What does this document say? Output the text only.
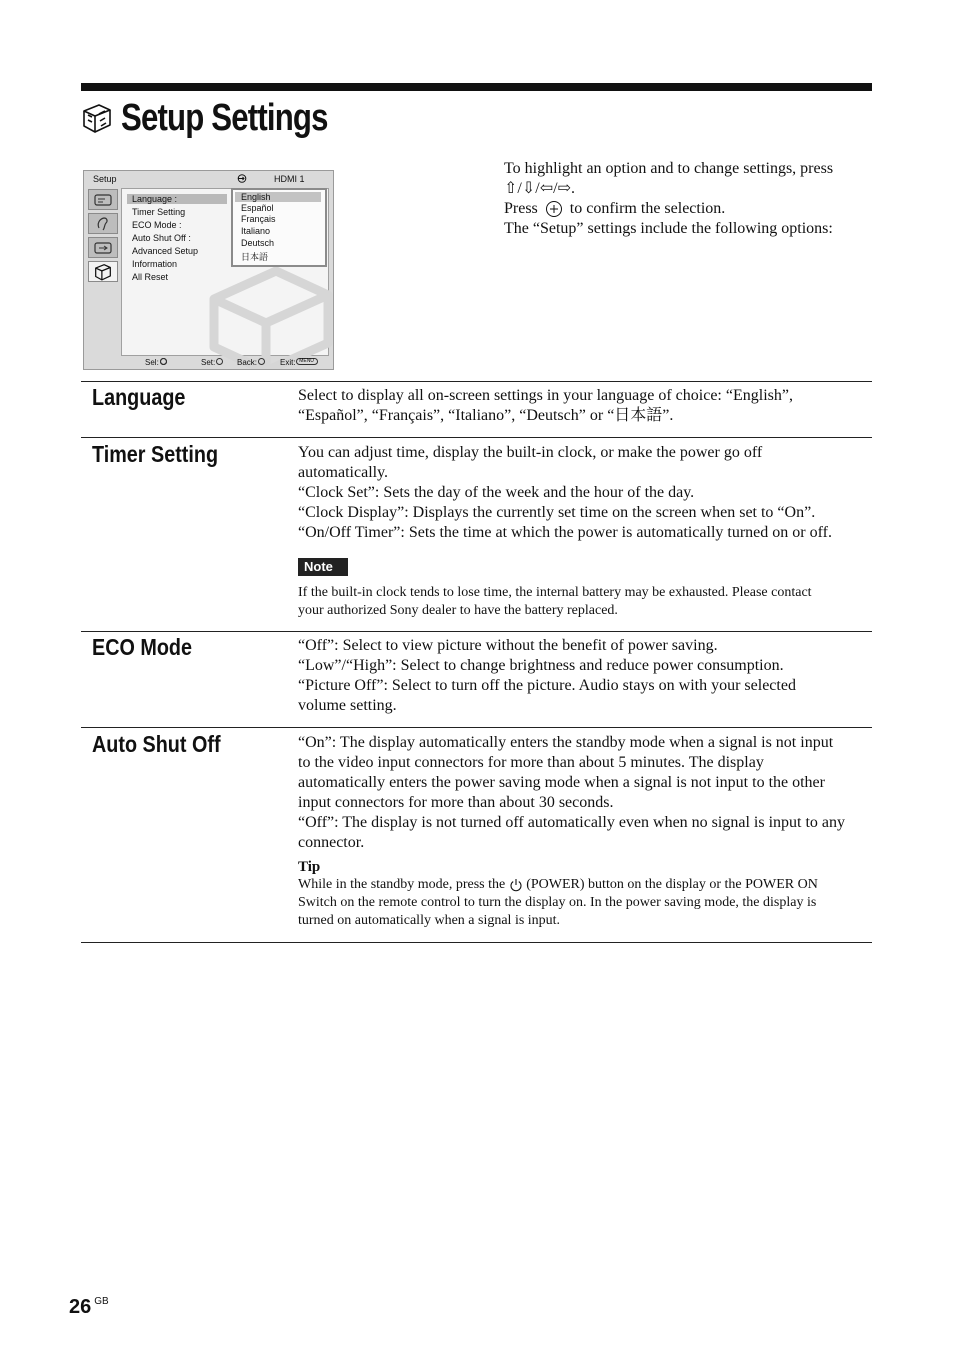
Setup Settings
Setup	HDMI 1
Language :
Timer Setting
ECO Mode :
Auto Shut Off :
Advanced Setup
Information
All Reset
English
Español
Français
Italiano
Deutsch
日本語
Sel:	Set:	Back:	Exit: MENU
To highlight an option and to change settings, press
⇧/⇩/⇦/⇨.
Press to confirm the selection.
The “Setup” settings include the following options:
Language	Select to display all on-screen settings in your language of choice: “English”,
“Español”, “Français”, “Italiano”, “Deutsch” or “日本語”.
Timer Setting	You can adjust time, display the built-in clock, or make the power go off
automatically.
“Clock Set”: Sets the day of the week and the hour of the day.
“Clock Display”: Displays the currently set time on the screen when set to “On”.
“On/Off Timer”: Sets the time at which the power is automatically turned on or off.
Note
If the built-in clock tends to lose time, the internal battery may be exhausted. Please contact
your authorized Sony dealer to have the battery replaced.
ECO Mode	“Off”: Select to view picture without the benefit of power saving.
“Low”/“High”: Select to change brightness and reduce power consumption.
“Picture Off”: Select to turn off the picture. Audio stays on with your selected
volume setting.
Auto Shut Off	“On”: The display automatically enters the standby mode when a signal is not input
to the video input connectors for more than about 5 minutes. The display
automatically enters the power saving mode when a signal is not input to the other
input connectors for more than about 30 seconds.
“Off”: The display is not turned off automatically even when no signal is input to any
connector.
Tip
While in the standby mode, press the (POWER) button on the display or the POWER ON
Switch on the remote control to turn the display on. In the power saving mode, the display is
turned on automatically when a signal is input.
26 $^{GB}$
